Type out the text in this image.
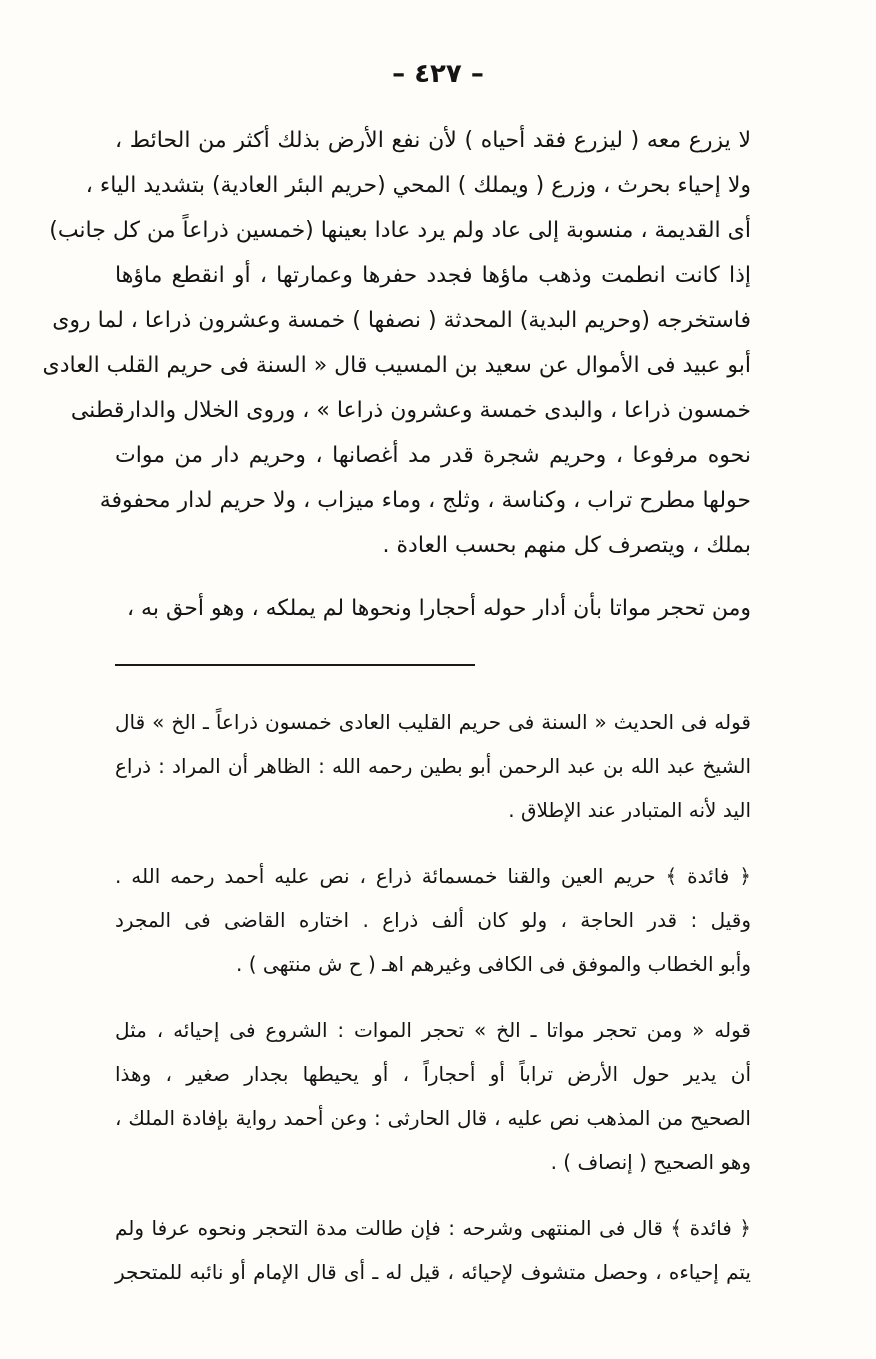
– ٤٢٧ –
لا يزرع معه ( ليزرع فقد أحياه ) لأن نفع الأرض بذلك أكثر من الحائط ،
ولا إحياء بحرث ، وزرع ( ويملك ) المحي (حريم البئر العادية) بتشديد الياء ،
أى القديمة ، منسوبة إلى عاد ولم يرد عادا بعينها (خمسين ذراعاً من كل جانب)
إذا كانت انطمت وذهب ماؤها فجدد حفرها وعمارتها ، أو انقطع ماؤها
فاستخرجه (وحريم البدية) المحدثة ( نصفها ) خمسة وعشرون ذراعا ، لما روى
أبو عبيد فى الأموال عن سعيد بن المسيب قال « السنة فى حريم القلب العادى
خمسون ذراعا ، والبدى خمسة وعشرون ذراعا » ، وروى الخلال والدارقطنى
نحوه مرفوعا ، وحريم شجرة قدر مد أغصانها ، وحريم دار من موات
حولها مطرح تراب ، وكناسة ، وثلج ، وماء ميزاب ، ولا حريم لدار محفوفة
بملك ، ويتصرف كل منهم بحسب العادة .
ومن تحجر مواتا بأن أدار حوله أحجارا ونحوها لم يملكه ، وهو أحق به ،
قوله فى الحديث « السنة فى حريم القليب العادى خمسون ذراعاً ـ الخ » قال
الشيخ عبد الله بن عبد الرحمن أبو بطين رحمه الله : الظاهر أن المراد : ذراع
اليد لأنه المتبادر عند الإطلاق .
﴿ فائدة ﴾ حريم العين والقنا خمسمائة ذراع ، نص عليه أحمد رحمه الله .
وقيل : قدر الحاجة ، ولو كان ألف ذراع . اختاره القاضى فى المجرد
وأبو الخطاب والموفق فى الكافى وغيرهم اهـ ( ح ش منتهى ) .
قوله « ومن تحجر مواتا ـ الخ » تحجر الموات : الشروع فى إحيائه ، مثل
أن يدير حول الأرض تراباً أو أحجاراً ، أو يحيطها بجدار صغير ، وهذا
الصحيح من المذهب نص عليه ، قال الحارثى : وعن أحمد رواية بإفادة الملك ،
وهو الصحيح ( إنصاف ) .
﴿ فائدة ﴾ قال فى المنتهى وشرحه : فإن طالت مدة التحجر ونحوه عرفا ولم
يتم إحياءه ، وحصل متشوف لإحيائه ، قيل له ـ أى قال الإمام أو نائبه للمتحجر
